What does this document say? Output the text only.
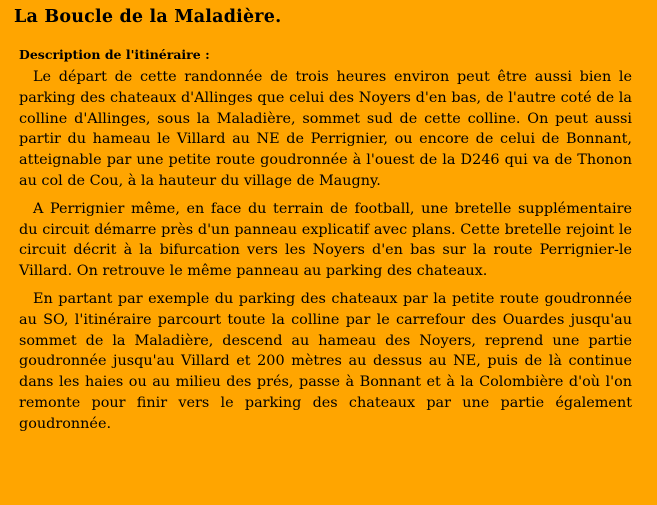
La Boucle de la Maladière.
Description de l'itinéraire :

Le départ de cette randonnée de trois heures environ peut être aussi bien le parking des chateaux d'Allinges que celui des Noyers d'en bas, de l'autre coté de la colline d'Allinges, sous la Maladière, sommet sud de cette colline. On peut aussi partir du hameau le Villard au NE de Perrignier, ou encore de celui de Bonnant, atteignable par une petite route goudronnée à l'ouest de la D246 qui va de Thonon au col de Cou, à la hauteur du village de Maugny.

A Perrignier même, en face du terrain de football, une bretelle supplémentaire du circuit démarre près d'un panneau explicatif avec plans. Cette bretelle rejoint le circuit décrit à la bifurcation vers les Noyers d'en bas sur la route Perrignier-le Villard. On retrouve le même panneau au parking des chateaux.

En partant par exemple du parking des chateaux par la petite route goudronnée au SO, l'itinéraire parcourt toute la colline par le carrefour des Ouardes jusqu'au sommet de la Maladière, descend au hameau des Noyers, reprend une partie goudronnée jusqu'au Villard et 200 mètres au dessus au NE, puis de là continue dans les haies ou au milieu des prés, passe à Bonnant et à la Colombière d'où l'on remonte pour finir vers le parking des chateaux par une partie également goudronnée.
